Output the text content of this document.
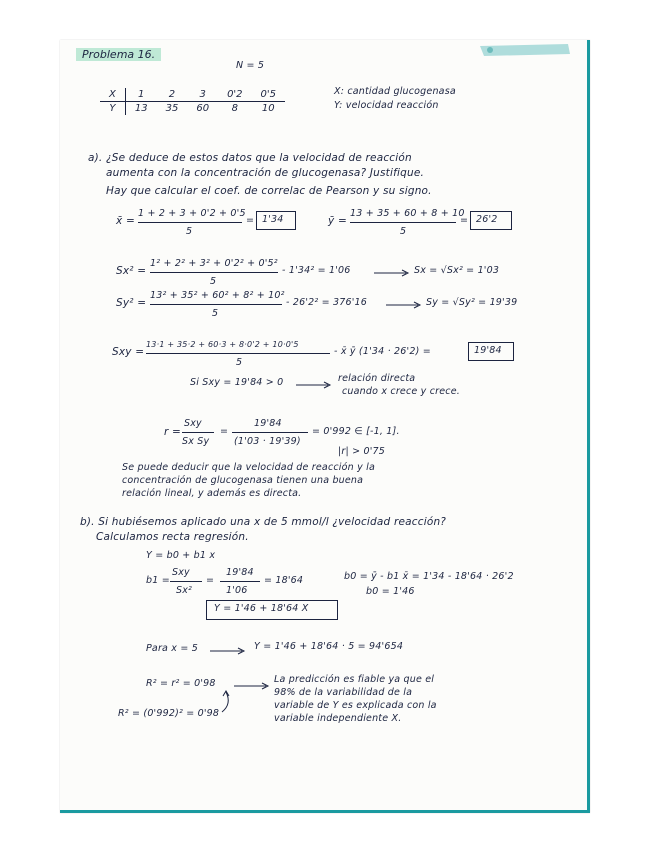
Problema 16.
N = 5
X	1	2	3	0'2	0'5
Y	13	35	60	8	10
X: cantidad glucogenasa
Y: velocidad reacción
a). ¿Se deduce de estos datos que la velocidad de reacción
aumenta con la concentración de glucogenasa? Justifique.
Hay que calcular el coef. de correlac de Pearson y su signo.
x̄ =
1 + 2 + 3 + 0'2 + 0'5
5
= 1'34	ȳ =
13 + 35 + 60 + 8 + 10
5
= 26'2
Sx² =
1² + 2² + 3² + 0'2² + 0'5²
5
- 1'34² = 1'06	Sx = √Sx² = 1'03
Sy² =
13² + 35² + 60² + 8² + 10²
5
- 26'2² = 376'16	Sy = √Sy² = 19'39
Sxy =
13·1 + 35·2 + 60·3 + 8·0'2 + 10·0'5
5
- x̄ ȳ (1'34 · 26'2) =	19'84
Si Sxy = 19'84 > 0	relación directa
cuando x crece y crece.
r =
Sxy
Sx Sy
=
19'84
(1'03 · 19'39)
= 0'992 ∈ [-1, 1].
|r| > 0'75
Se puede deducir que la velocidad de reacción y la
concentración de glucogenasa tienen una buena
relación lineal, y además es directa.
b). Si hubiésemos aplicado una x de 5 mmol/l ¿velocidad reacción?
Calculamos recta regresión.
Y = b0 + b1 x
b1 =
Sxy
Sx²
=
19'84
1'06
= 18'64	b0 = ȳ - b1 x̄ = 1'34 - 18'64 · 26'2
b0 = 1'46
Y = 1'46 + 18'64 X
Para x = 5	Y = 1'46 + 18'64 · 5 = 94'654
R² = r² = 0'98
R² = (0'992)² = 0'98
La predicción es fiable ya que el
98% de la variabilidad de la
variable de Y es explicada con la
variable independiente X.
